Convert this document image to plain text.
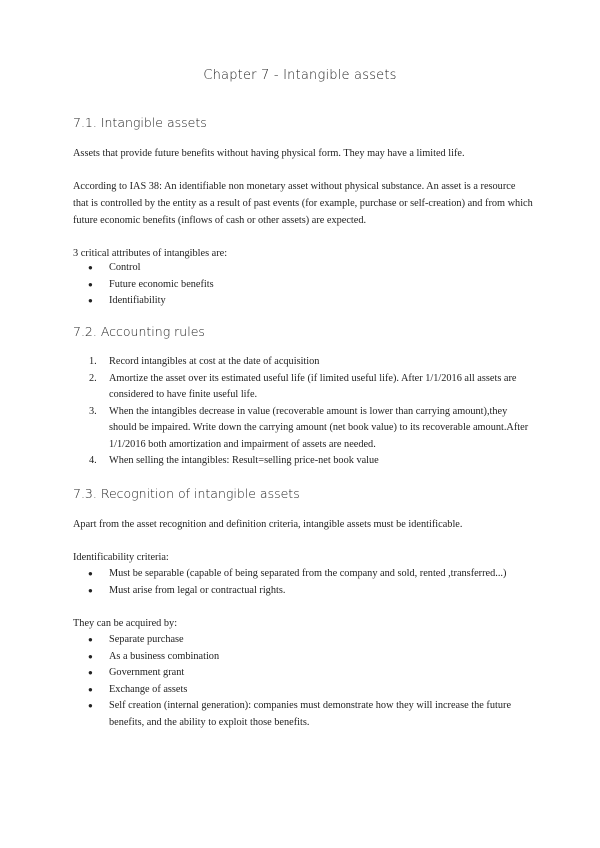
Chapter 7 - Intangible assets
7.1. Intangible assets
Assets that provide future benefits without having physical form. They may have a limited life.
According to IAS 38: An identifiable non monetary asset without physical substance. An asset is a resource that is controlled by the entity as a result of past events (for example, purchase or self-creation) and from which future economic benefits (inflows of cash or other assets) are expected.
3 critical attributes of intangibles are:
● Control
● Future economic benefits
● Identifiability
7.2. Accounting rules
1. Record intangibles at cost at the date of acquisition
2. Amortize the asset over its estimated useful life (if limited useful life). After 1/1/2016 all assets are considered to have finite useful life.
3. When the intangibles decrease in value (recoverable amount is lower than carrying amount),they should be impaired. Write down the carrying amount (net book value) to its recoverable amount.After 1/1/2016 both amortization and impairment of assets are needed.
4. When selling the intangibles: Result=selling price-net book value
7.3. Recognition of intangible assets
Apart from the asset recognition and definition criteria, intangible assets must be identificable.
Identificability criteria:
● Must be separable (capable of being separated from the company and sold, rented ,transferred...)
● Must arise from legal or contractual rights.
They can be acquired by:
● Separate purchase
● As a business combination
● Government grant
● Exchange of assets
● Self creation (internal generation): companies must demonstrate how they will increase the future benefits, and the ability to exploit those benefits.
